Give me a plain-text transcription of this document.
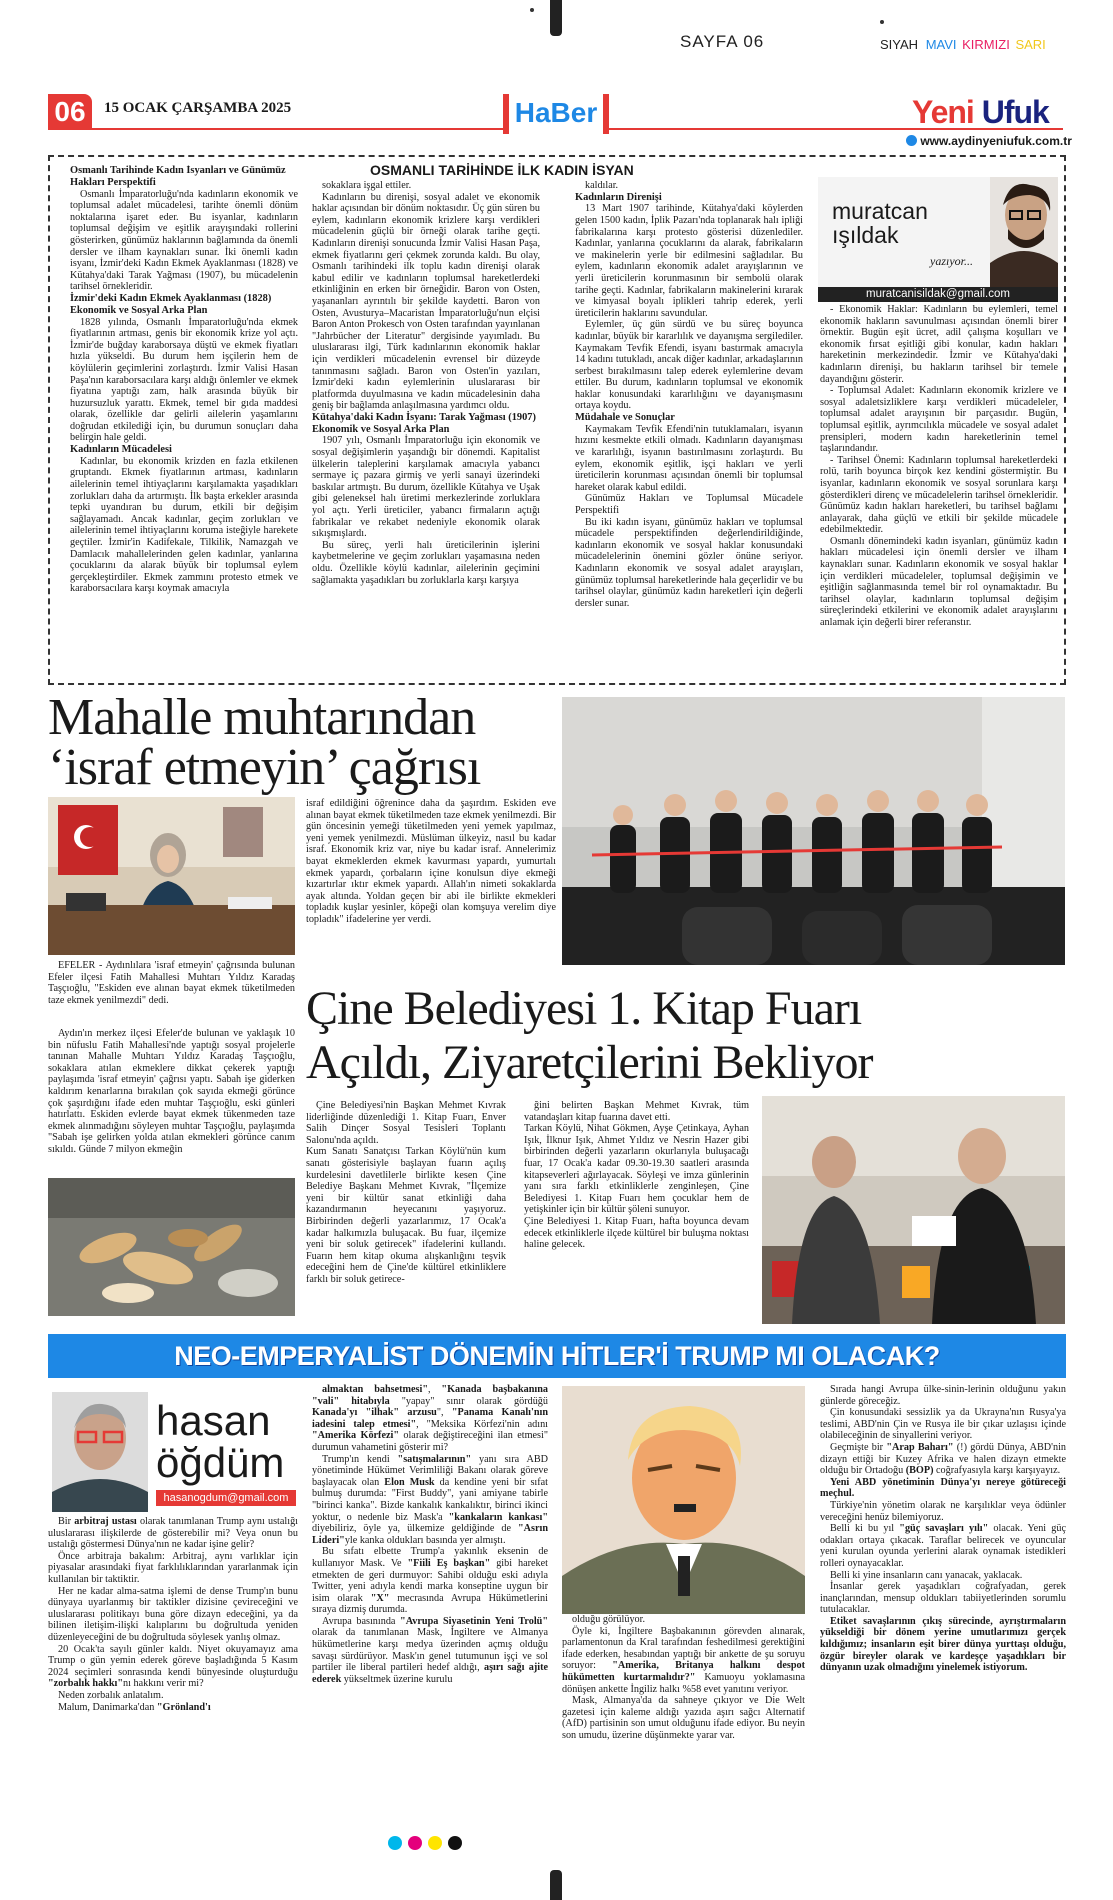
SAYFA 06	SIYAH MAVI KIRMIZI SARI
06	15 OCAK ÇARŞAMBA 2025	HaBer	Yeni Ufuk
www.aydinyeniufuk.com.tr
OSMANLI TARİHİNDE İLK KADIN İSYAN
Osmanlı Tarihinde Kadın İsyanları ve Günümüz Hakları Perspektifi
Osmanlı İmparatorluğu'nda kadınların ekonomik ve toplumsal adalet mücadelesi, tarihte önemli dönüm noktalarına işaret eder. Bu isyanlar, kadınların toplumsal değişim ve eşitlik arayışındaki rollerini gösterirken, günümüz haklarının bağlamında da önemli dersler ve ilham kaynakları sunar. İki önemli kadın isyanı, İzmir'deki Kadın Ekmek Ayaklanması (1828) ve Kütahya'daki Tarak Yağması (1907), bu mücadelenin tarihsel örnekleridir.
İzmir'deki Kadın Ekmek Ayaklanması (1828)
Ekonomik ve Sosyal Arka Plan
1828 yılında, Osmanlı İmparatorluğu'nda ekmek fiyatlarının artması, genis bir ekonomik krize yol açtı. İzmir'de buğday karaborsaya düştü ve ekmek fiyatları hızla yükseldi. Bu durum hem işçilerin hem de köylülerin geçimlerini zorlaştırdı. İzmir Valisi Hasan Paşa'nın karaborsacılara karşı aldığı önlemler ve ekmek fiyatına yaptığı zam, halk arasında büyük bir huzursuzluk yarattı. Ekmek, temel bir gıda maddesi olarak, özellikle dar gelirli ailelerin yaşamlarını doğrudan etkilediği için, bu durumun sonuçları daha belirgin hale geldi.
Kadınların Mücadelesi
Kadınlar, bu ekonomik krizden en fazla etkilenen gruptandı. Ekmek fiyatlarının artması, kadınların ailelerinin temel ihtiyaçlarını karşılamakta yaşadıkları zorlukları daha da artırmıştı. İlk başta erkekler arasında tepki uyandıran bu durum, etkili bir değişim sağlayamadı. Ancak kadınlar, geçim zorlukları ve ailelerinin temel ihtiyaçlarını koruma isteğiyle harekete geçtiler. İzmir'in Kadifekale, Tilkilik, Namazgah ve Damlacık mahallelerinden gelen kadınlar, yanlarına çocuklarını da alarak büyük bir toplumsal eylem gerçekleştirdiler. Ekmek zammını protesto etmek ve karaborsacılara karşı koymak amacıyla
sokaklara işgal ettiler.
Kadınların bu direnişi, sosyal adalet ve ekonomik haklar açısından bir dönüm noktasıdır. Üç gün süren bu eylem, kadınların ekonomik krizlere karşı verdikleri mücadelenin güçlü bir örneği olarak tarihe geçti. Kadınların direnişi sonucunda İzmir Valisi Hasan Paşa, ekmek fiyatlarını geri çekmek zorunda kaldı. Bu olay, Osmanlı tarihindeki ilk toplu kadın direnişi olarak kabul edilir ve kadınların toplumsal hareketlerdeki etkinliğinin en erken bir örneğidir. Baron von Osten, yaşananları ayrıntılı bir şekilde kaydetti. Baron von Osten, Avusturya–Macaristan İmparatorluğu'nun elçisi Baron Anton Prokesch von Osten tarafından yayınlanan "Jahrbücher der Literatur" dergisinde yayımladı. Bu uluslararası ilgi, Türk kadınlarının ekonomik haklar için verdikleri mücadelenin evrensel bir düzeyde tanınmasını sağladı. Baron von Osten'in yazıları, İzmir'deki kadın eylemlerinin uluslararası bir platformda duyulmasına ve kadın mücadelesinin daha geniş bir bağlamda anlaşılmasına yardımcı oldu.
Kütahya'daki Kadın İsyanı: Tarak Yağması (1907)
Ekonomik ve Sosyal Arka Plan
1907 yılı, Osmanlı İmparatorluğu için ekonomik ve sosyal değişimlerin yaşandığı bir dönemdi. Kapitalist ülkelerin taleplerini karşılamak amacıyla yabancı sermaye iç pazara girmiş ve yerli sanayi üzerindeki baskılar artmıştı. Bu durum, özellikle Kütahya ve Uşak gibi geleneksel halı üretimi merkezlerinde zorluklara yol açtı. Yerli üreticiler, yabancı firmaların açtığı fabrikalar ve rekabet nedeniyle ekonomik olarak sıkışmışlardı.
Bu süreç, yerli halı üreticilerinin işlerini kaybetmelerine ve geçim zorlukları yaşamasına neden oldu. Özellikle köylü kadınlar, ailelerinin geçimini sağlamakta yaşadıkları bu zorluklarla karşı karşıya
kaldılar.
Kadınların Direnişi
13 Mart 1907 tarihinde, Kütahya'daki köylerden gelen 1500 kadın, İplik Pazarı'nda toplanarak halı ipliği fabrikalarına karşı protesto gösterisi düzenlediler. Kadınlar, yanlarına çocuklarını da alarak, fabrikaların ve makinelerin yerle bir edilmesini sağladılar. Bu eylem, kadınların ekonomik adalet arayışlarının ve yerli üreticilerin korunmasının bir sembolü olarak tarihe geçti. Kadınlar, fabrikaların makinelerini kırarak ve kimyasal boyalı iplikleri tahrip ederek, yerli üreticilerin haklarını savundular.
Eylemler, üç gün sürdü ve bu süreç boyunca kadınlar, büyük bir kararlılık ve dayanışma sergilediler. Kaymakam Tevfik Efendi, isyanı bastırmak amacıyla 14 kadını tutukladı, ancak diğer kadınlar, arkadaşlarının serbest bırakılmasını talep ederek eylemlerine devam ettiler. Bu durum, kadınların toplumsal ve ekonomik haklar konusundaki kararlılığını ve dayanışmasını ortaya koydu.
Müdahale ve Sonuçlar
Kaymakam Tevfik Efendi'nin tutuklamaları, isyanın hızını kesmekte etkili olmadı. Kadınların dayanışması ve kararlılığı, isyanın bastırılmasını zorlaştırdı. Bu eylem, ekonomik eşitlik, işçi hakları ve yerli üreticilerin korunması açısından önemli bir toplumsal hareket olarak kabul edildi.
Günümüz Hakları ve Toplumsal Mücadele Perspektifi
Bu iki kadın isyanı, günümüz hakları ve toplumsal mücadele perspektifinden değerlendirildiğinde, kadınların ekonomik ve sosyal haklar konusundaki mücadelelerinin önemini gözler önüne seriyor. Kadınların ekonomik ve sosyal adalet arayışları, günümüz toplumsal hareketlerinde hala geçerlidir ve bu tarihsel olaylar, günümüz kadın hareketleri için değerli dersler sunar.
muratcan
ışıldak
yazıyor...
muratcanisildak@gmail.com
- Ekonomik Haklar: Kadınların bu eylemleri, temel ekonomik hakların savunulması açısından önemli birer örnektir. Bugün eşit ücret, adil çalışma koşulları ve ekonomik fırsat eşitliği gibi konular, kadın hakları hareketinin merkezindedir. İzmir ve Kütahya'daki kadınların direnişi, bu hakların tarihsel bir temele dayandığını gösterir.
- Toplumsal Adalet: Kadınların ekonomik krizlere ve sosyal adaletsizliklere karşı verdikleri mücadeleler, toplumsal adalet arayışının bir parçasıdır. Bugün, toplumsal eşitlik, ayrımcılıkla mücadele ve sosyal adalet prensipleri, modern kadın hareketlerinin temel taşlarındandır.
- Tarihsel Önemi: Kadınların toplumsal hareketlerdeki rolü, tarih boyunca birçok kez kendini göstermiştir. Bu isyanlar, kadınların ekonomik ve sosyal sorunlara karşı gösterdikleri direnç ve mücadelelerin tarihsel örnekleridir. Günümüz kadın hakları hareketleri, bu tarihsel bağlamı anlayarak, daha güçlü ve etkili bir şekilde mücadele edebilmektedir.
Osmanlı dönemindeki kadın isyanları, günümüz kadın hakları mücadelesi için önemli dersler ve ilham kaynakları sunar. Kadınların ekonomik ve sosyal haklar için verdikleri mücadeleler, toplumsal değişimin ve eşitliğin sağlanmasında temel bir rol oynamaktadır. Bu tarihsel olaylar, kadınların toplumsal değişim süreçlerindeki etkilerini ve ekonomik adalet arayışlarını anlamak için değerli birer referanstır.
Mahalle muhtarından
‘israf etmeyin’ çağrısı
EFELER - Aydınlılara 'israf etmeyin' çağrısında bulunan Efeler ilçesi Fatih Mahallesi Muhtarı Yıldız Karadaş Taşçıoğlu, "Eskiden eve alınan bayat ekmek tüketilmeden taze ekmek yenilmezdi" dedi.
Aydın'ın merkez ilçesi Efeler'de bulunan ve yaklaşık 10 bin nüfuslu Fatih Mahallesi'nde yaptığı sosyal projelerle tanınan Mahalle Muhtarı Yıldız Karadaş Taşçıoğlu, sokaklara atılan ekmeklere dikkat çekerek yaptığı paylaşımda 'israf etmeyin' çağrısı yaptı. Sabah işe giderken kaldırım kenarlarına bırakılan çok sayıda ekmeği görünce çok şaşırdığını ifade eden muhtar Taşçıoğlu, eski günleri hatırlattı. Eskiden evlerde bayat ekmek tükenmeden taze ekmek alınmadığını söyleyen muhtar Taşçıoğlu, paylaşımda "Sabah işe gelirken yolda atılan ekmekleri görünce canım sıkıldı. Günde 7 milyon ekmeğin
israf edildiğini öğrenince daha da şaşırdım. Eskiden eve alınan bayat ekmek tüketilmeden taze ekmek yenilmezdi. Bir gün öncesinin yemeği tüketilmeden yeni yemek yapılmaz, yeni yemek yenilmezdi. Müslüman ülkeyiz, nasıl bu kadar israf. Ekonomik kriz var, niye bu kadar israf. Annelerimiz bayat ekmeklerden ekmek kavurması yapardı, yumurtalı ekmek yapardı, çorbaların içine konulsun diye ekmeği kızartırlar ıktır ekmek yapardı. Allah'ın nimeti sokaklarda ayak altında. Yoldan geçen bir abi ile birlikte ekmekleri topladık kuşlar yesinler, köpeği olan komşuya verelim diye topladık" ifadelerine yer verdi.
Çine Belediyesi 1. Kitap Fuarı
Açıldı, Ziyaretçilerini Bekliyor
Çine Belediyesi'nin Başkan Mehmet Kıvrak liderliğinde düzenlediği 1. Kitap Fuarı, Enver Salih Dinçer Sosyal Tesisleri Toplantı Salonu'nda açıldı.
Kum Sanatı Sanatçısı Tarkan Köylü'nün kum sanatı gösterisiyle başlayan fuarın açılış kurdelesini davetlilerle birlikte kesen Çine Belediye Başkanı Mehmet Kıvrak, "İlçemize yeni bir kültür sanat etkinliği daha kazandırmanın heyecanını yaşıyoruz. Birbirinden değerli yazarlarımız, 17 Ocak'a kadar halkımızla buluşacak. Bu fuar, ilçemize yeni bir soluk getirecek" ifadelerini kullandı. Fuarın hem kitap okuma alışkanlığını teşvik edeceğini hem de Çine'de kültürel etkinliklere farklı bir soluk getirece-
ğini belirten Başkan Mehmet Kıvrak, tüm vatandaşları kitap fuarına davet etti.
Tarkan Köylü, Nihat Gökmen, Ayşe Çetinkaya, Ayhan Işık, İlknur Işık, Ahmet Yıldız ve Nesrin Hazer gibi birbirinden değerli yazarların okurlarıyla buluşacağı fuar, 17 Ocak'a kadar 09.30-19.30 saatleri arasında kitapseverleri ağırlayacak. Söyleşi ve imza günlerinin yanı sıra farklı etkinliklerle zenginleşen, Çine Belediyesi 1. Kitap Fuarı hem çocuklar hem de yetişkinler için bir kültür şöleni sunuyor.
Çine Belediyesi 1. Kitap Fuarı, hafta boyunca devam edecek etkinliklerle ilçede kültürel bir buluşma noktası haline gelecek.
NEO-EMPERYALİST DÖNEMİN HİTLER'İ TRUMP MI OLACAK?
hasan
öğdüm
hasanogdum@gmail.com
Bir arbitraj ustası olarak tanımlanan Trump aynı ustalığı uluslararası ilişkilerde de gösterebilir mi? Veya onun bu ustalığı göstermesi Dünya'nın ne kadar işine gelir?
Önce arbitraja bakalım: Arbitraj, aynı varlıklar için piyasalar arasındaki fiyat farklılıklarından yararlanmak için kullanılan bir taktiktir.
Her ne kadar alma-satma işlemi de dense Trump'ın bunu dünyaya uyarlanmış bir taktikler dizisine çevireceğini ve uluslararası politikayı buna göre dizayn edeceğini, ya da bilinen iletişim-ilişki kalıplarını bu doğrultuda yeniden düzenleyeceğini de bu doğrultuda söylesek yanlış olmaz.
20 Ocak'ta sayılı günler kaldı. Niyet okuyamayız ama Trump o gün yemin ederek göreve başladığında 5 Kasım 2024 seçimleri sonrasında kendi bünyesinde oluşturduğu "zorbalık hakkı"nı hakkını verir mi?
Neden zorbalık anlatalım.
Malum, Danimarka'dan "Grönland'ı
almaktan bahsetmesi", "Kanada başbakanına "vali" hitabıyla "yapay" sınır olarak gördüğü Kanada'yı "ilhak" arzusu", "Panama Kanalı'nın iadesini talep etmesi", "Meksika Körfezi'nin adını "Amerika Körfezi" olarak değiştireceğini ilan etmesi" durumun vahametini gösterir mi?
Trump'ın kendi "satışmalarının" yanı sıra ABD yönetiminde Hükümet Verimliliği Bakanı olarak göreve başlayacak olan Elon Musk da kendine yeni bir sıfat bulmuş durumda: "First Buddy", yani amiyane tabirle "birinci kanka". Bizde kankalık kankalıktır, birinci ikinci yoktur, o nedenle biz Mask'a "kankaların kankası" diyebiliriz, öyle ya, ülkemize geldiğinde de "Asrın Lideri"yle kanka oldukları basında yer almıştı.
Bu sıfatı elbette Trump'a yakınlık eksenin de kullanıyor Mask. Ve "Fiili Eş başkan" gibi hareket etmekten de geri durmuyor: Sahibi olduğu eski adıyla Twitter, yeni adıyla kendi marka konseptine uygun bir isim olarak "X" mecrasında Avrupa Hükümetlerini sıraya dizmiş durumda.
Avrupa basınında "Avrupa Siyasetinin Yeni Trolü" olarak da tanımlanan Mask, İngiltere ve Almanya hükümetlerine karşı medya üzerinden açmış olduğu savaşı sürdürüyor. Mask'ın genel tutumunun işçi ve sol partiler ile liberal partileri hedef aldığı, aşırı sağı ajite ederek yükseltmek üzerine kurulu
olduğu görülüyor.
Öyle ki, İngiltere Başbakanının görevden alınarak, parlamentonun da Kral tarafından feshedilmesi gerektiğini ifade ederken, hesabından yaptığı bir ankette de şu soruyu soruyor: "Amerika, Britanya halkını despot hükümetten kurtarmalıdır?" Kamuoyu yoklamasına dönüşen ankette İngiliz halkı %58 evet yanıtını veriyor.
Mask, Almanya'da da sahneye çıkıyor ve Die Welt gazetesi için kaleme aldığı yazıda aşırı sağcı Alternatif (AfD) partisinin son umut olduğunu ifade ediyor. Bu neyin son umudu, üzerine düşünmekte yarar var.
Sırada hangi Avrupa ülke-sinin-lerinin olduğunu yakın günlerde göreceğiz.
Çin konusundaki sessizlik ya da Ukrayna'nın Rusya'ya teslimi, ABD'nin Çin ve Rusya ile bir çıkar uzlaşısı içinde olabileceğinin de sinyallerini veriyor.
Geçmişte bir "Arap Baharı" (!) gördü Dünya, ABD'nin dizayn ettiği bir Kuzey Afrika ve halen dizayn etmekte olduğu bir Ortadoğu (BOP) coğrafyasıyla karşı karşıyayız.
Yeni ABD yönetiminin Dünya'yı nereye götüreceği meçhul.
Türkiye'nin yönetim olarak ne karşılıklar veya ödünler vereceğini henüz bilemiyoruz.
Belli ki bu yıl "güç savaşları yılı" olacak. Yeni güç odakları ortaya çıkacak. Taraflar belirecek ve oyuncular yeni kurulan oyunda yerlerini alarak oynamak istedikleri rolleri oynayacaklar.
Belli ki yine insanların canı yanacak, yaklacak.
İnsanlar gerek yaşadıkları coğrafyadan, gerek inançlarından, mensup oldukları tabiiyetlerinden sorumlu tutulacaklar.
Etiket savaşlarının çıkış sürecinde, ayrıştırmaların yükseldiği bir dönem yerine umutlarımızı gerçek kıldığımız; insanların eşit birer dünya yurttaşı olduğu, özgür bireyler olarak ve kardeşçe yaşadıkları bir dünyanın uzak olmadığını yinelemek istiyorum.
